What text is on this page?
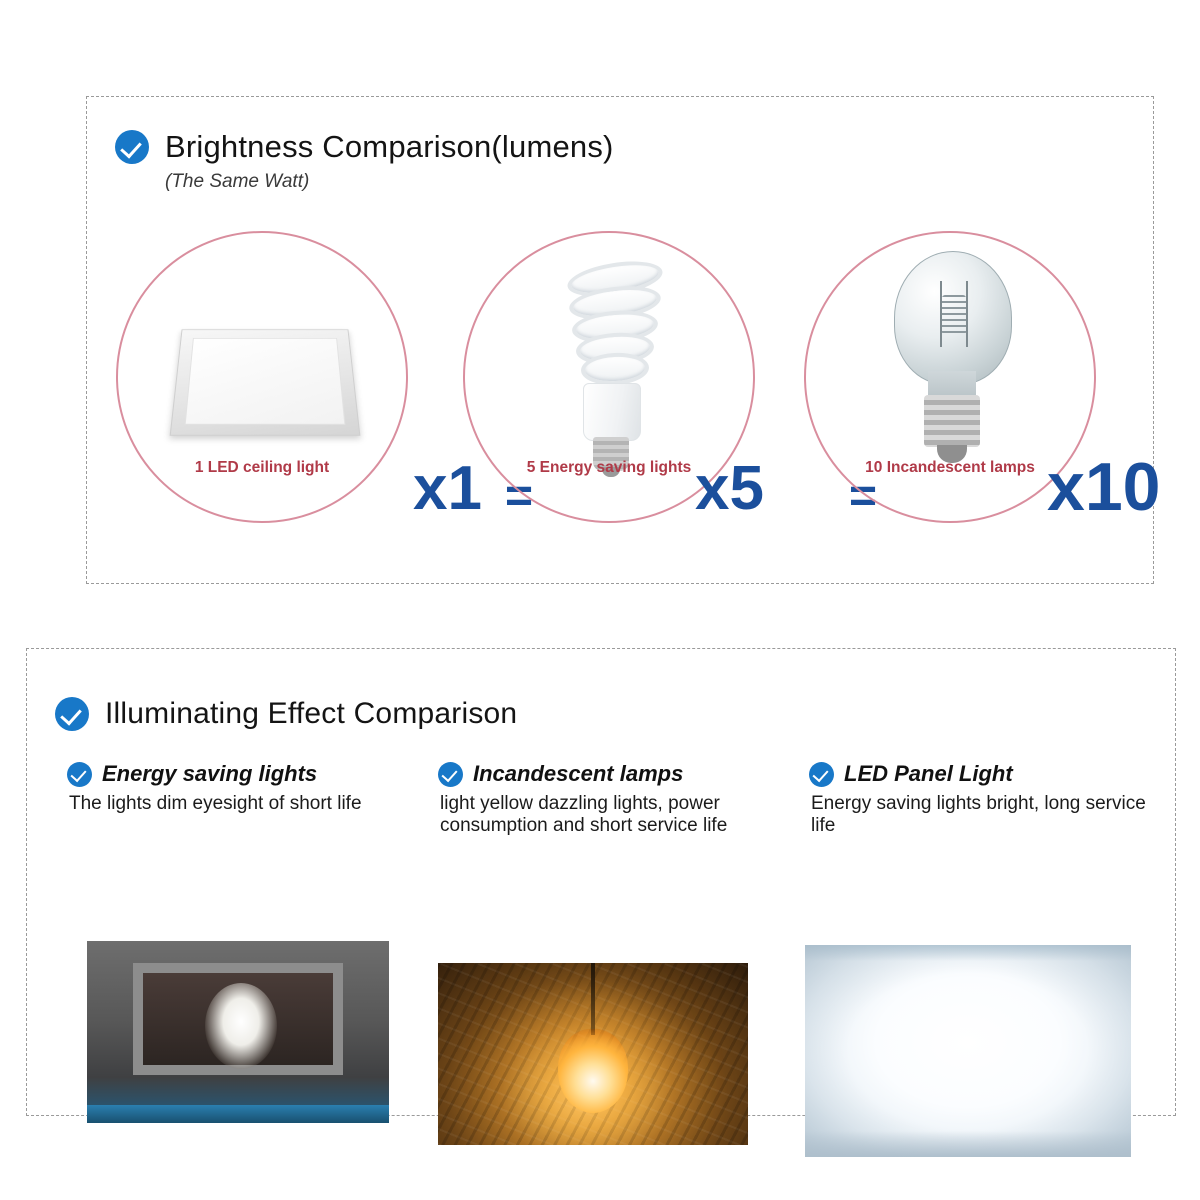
Brightness Comparison(lumens)
(The Same Watt)
1 LED ceiling light	x1 =
5 Energy saving lights x5 =
10 Incandescent lamps x10
Illuminating Effect Comparison
Energy saving lights

The lights dim eyesight of short life

Incandescent lamps

light yellow dazzling lights, power consumption and short service life

LED Panel Light

Energy saving lights bright, long service life
